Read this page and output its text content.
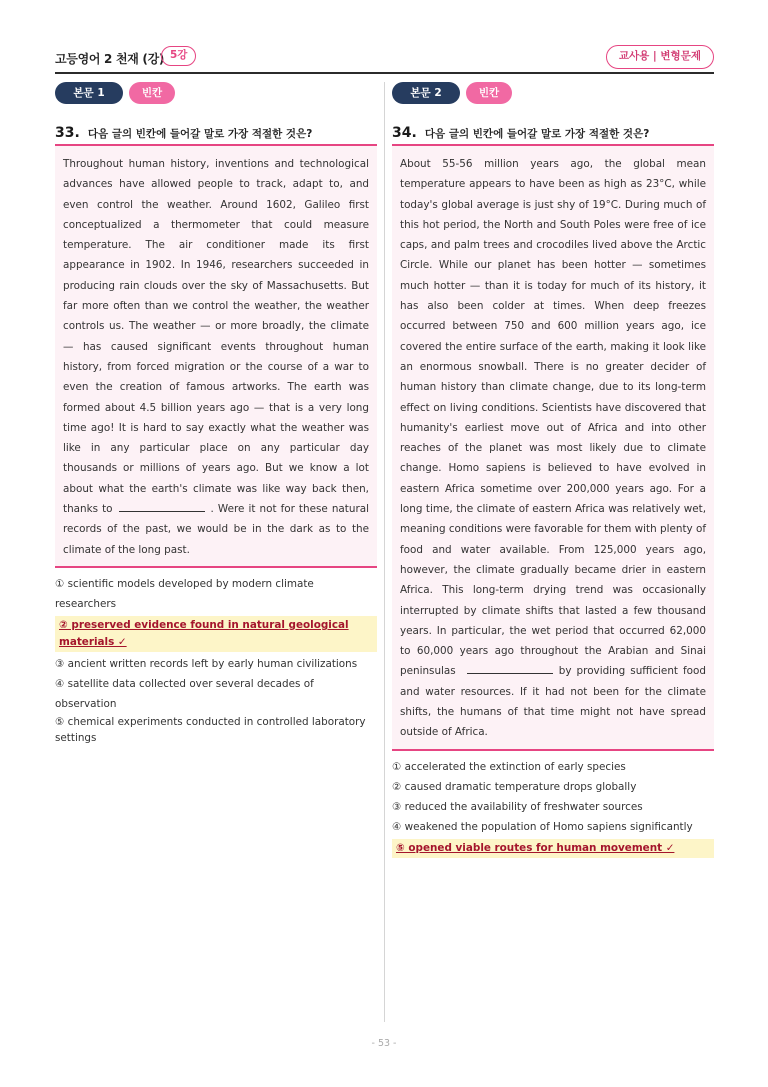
고등영어 2 천재 (강) 5강	교사용 | 변형문제
본문 1	빈칸
33. 다음 글의 빈칸에 들어갈 말로 가장 적절한 것은?
Throughout human history, inventions and technological advances have allowed people to track, adapt to, and even control the weather. Around 1602, Galileo first conceptualized a thermometer that could measure temperature. The air conditioner made its first appearance in 1902. In 1946, researchers succeeded in producing rain clouds over the sky of Massachusetts. But far more often than we control the weather, the weather controls us. The weather — or more broadly, the climate — has caused significant events throughout human history, from forced migration or the course of a war to even the creation of famous artworks. The earth was formed about 4.5 billion years ago — that is a very long time ago! It is hard to say exactly what the weather was like in any particular place on any particular day thousands or millions of years ago. But we know a lot about what the earth's climate was like way back then, thanks to	. Were it not for these natural records of the past, we would be in the dark as to the climate of the long past.
① scientific models developed by modern climate researchers
② preserved evidence found in natural geological materials ✓
③ ancient written records left by early human civilizations
④ satellite data collected over several decades of observation
⑤ chemical experiments conducted in controlled laboratory settings
본문 2	빈칸
34. 다음 글의 빈칸에 들어갈 말로 가장 적절한 것은?
About 55-56 million years ago, the global mean temperature appears to have been as high as 23°C, while today's global average is just shy of 19°C. During much of this hot period, the North and South Poles were free of ice caps, and palm trees and crocodiles lived above the Arctic Circle. While our planet has been hotter — sometimes much hotter — than it is today for much of its history, it has also been colder at times. When deep freezes occurred between 750 and 600 million years ago, ice covered the entire surface of the earth, making it look like an enormous snowball. There is no greater decider of human history than climate change, due to its long-term effect on living conditions. Scientists have discovered that humanity's earliest move out of Africa and into other reaches of the planet was most likely due to climate change. Homo sapiens is believed to have evolved in eastern Africa sometime over 200,000 years ago. For a long time, the climate of eastern Africa was relatively wet, meaning conditions were favorable for them with plenty of food and water available. From 125,000 years ago, however, the climate gradually became drier in eastern Africa. This long-term drying trend was occasionally interrupted by climate shifts that lasted a few thousand years. In particular, the wet period that occurred 62,000 to 60,000 years ago throughout the Arabian and Sinai peninsulas	by providing sufficient food and water resources. If it had not been for the climate shifts, the humans of that time might not have spread outside of Africa.
① accelerated the extinction of early species
② caused dramatic temperature drops globally
③ reduced the availability of freshwater sources
④ weakened the population of Homo sapiens significantly
⑤ opened viable routes for human movement ✓
- 53 -
